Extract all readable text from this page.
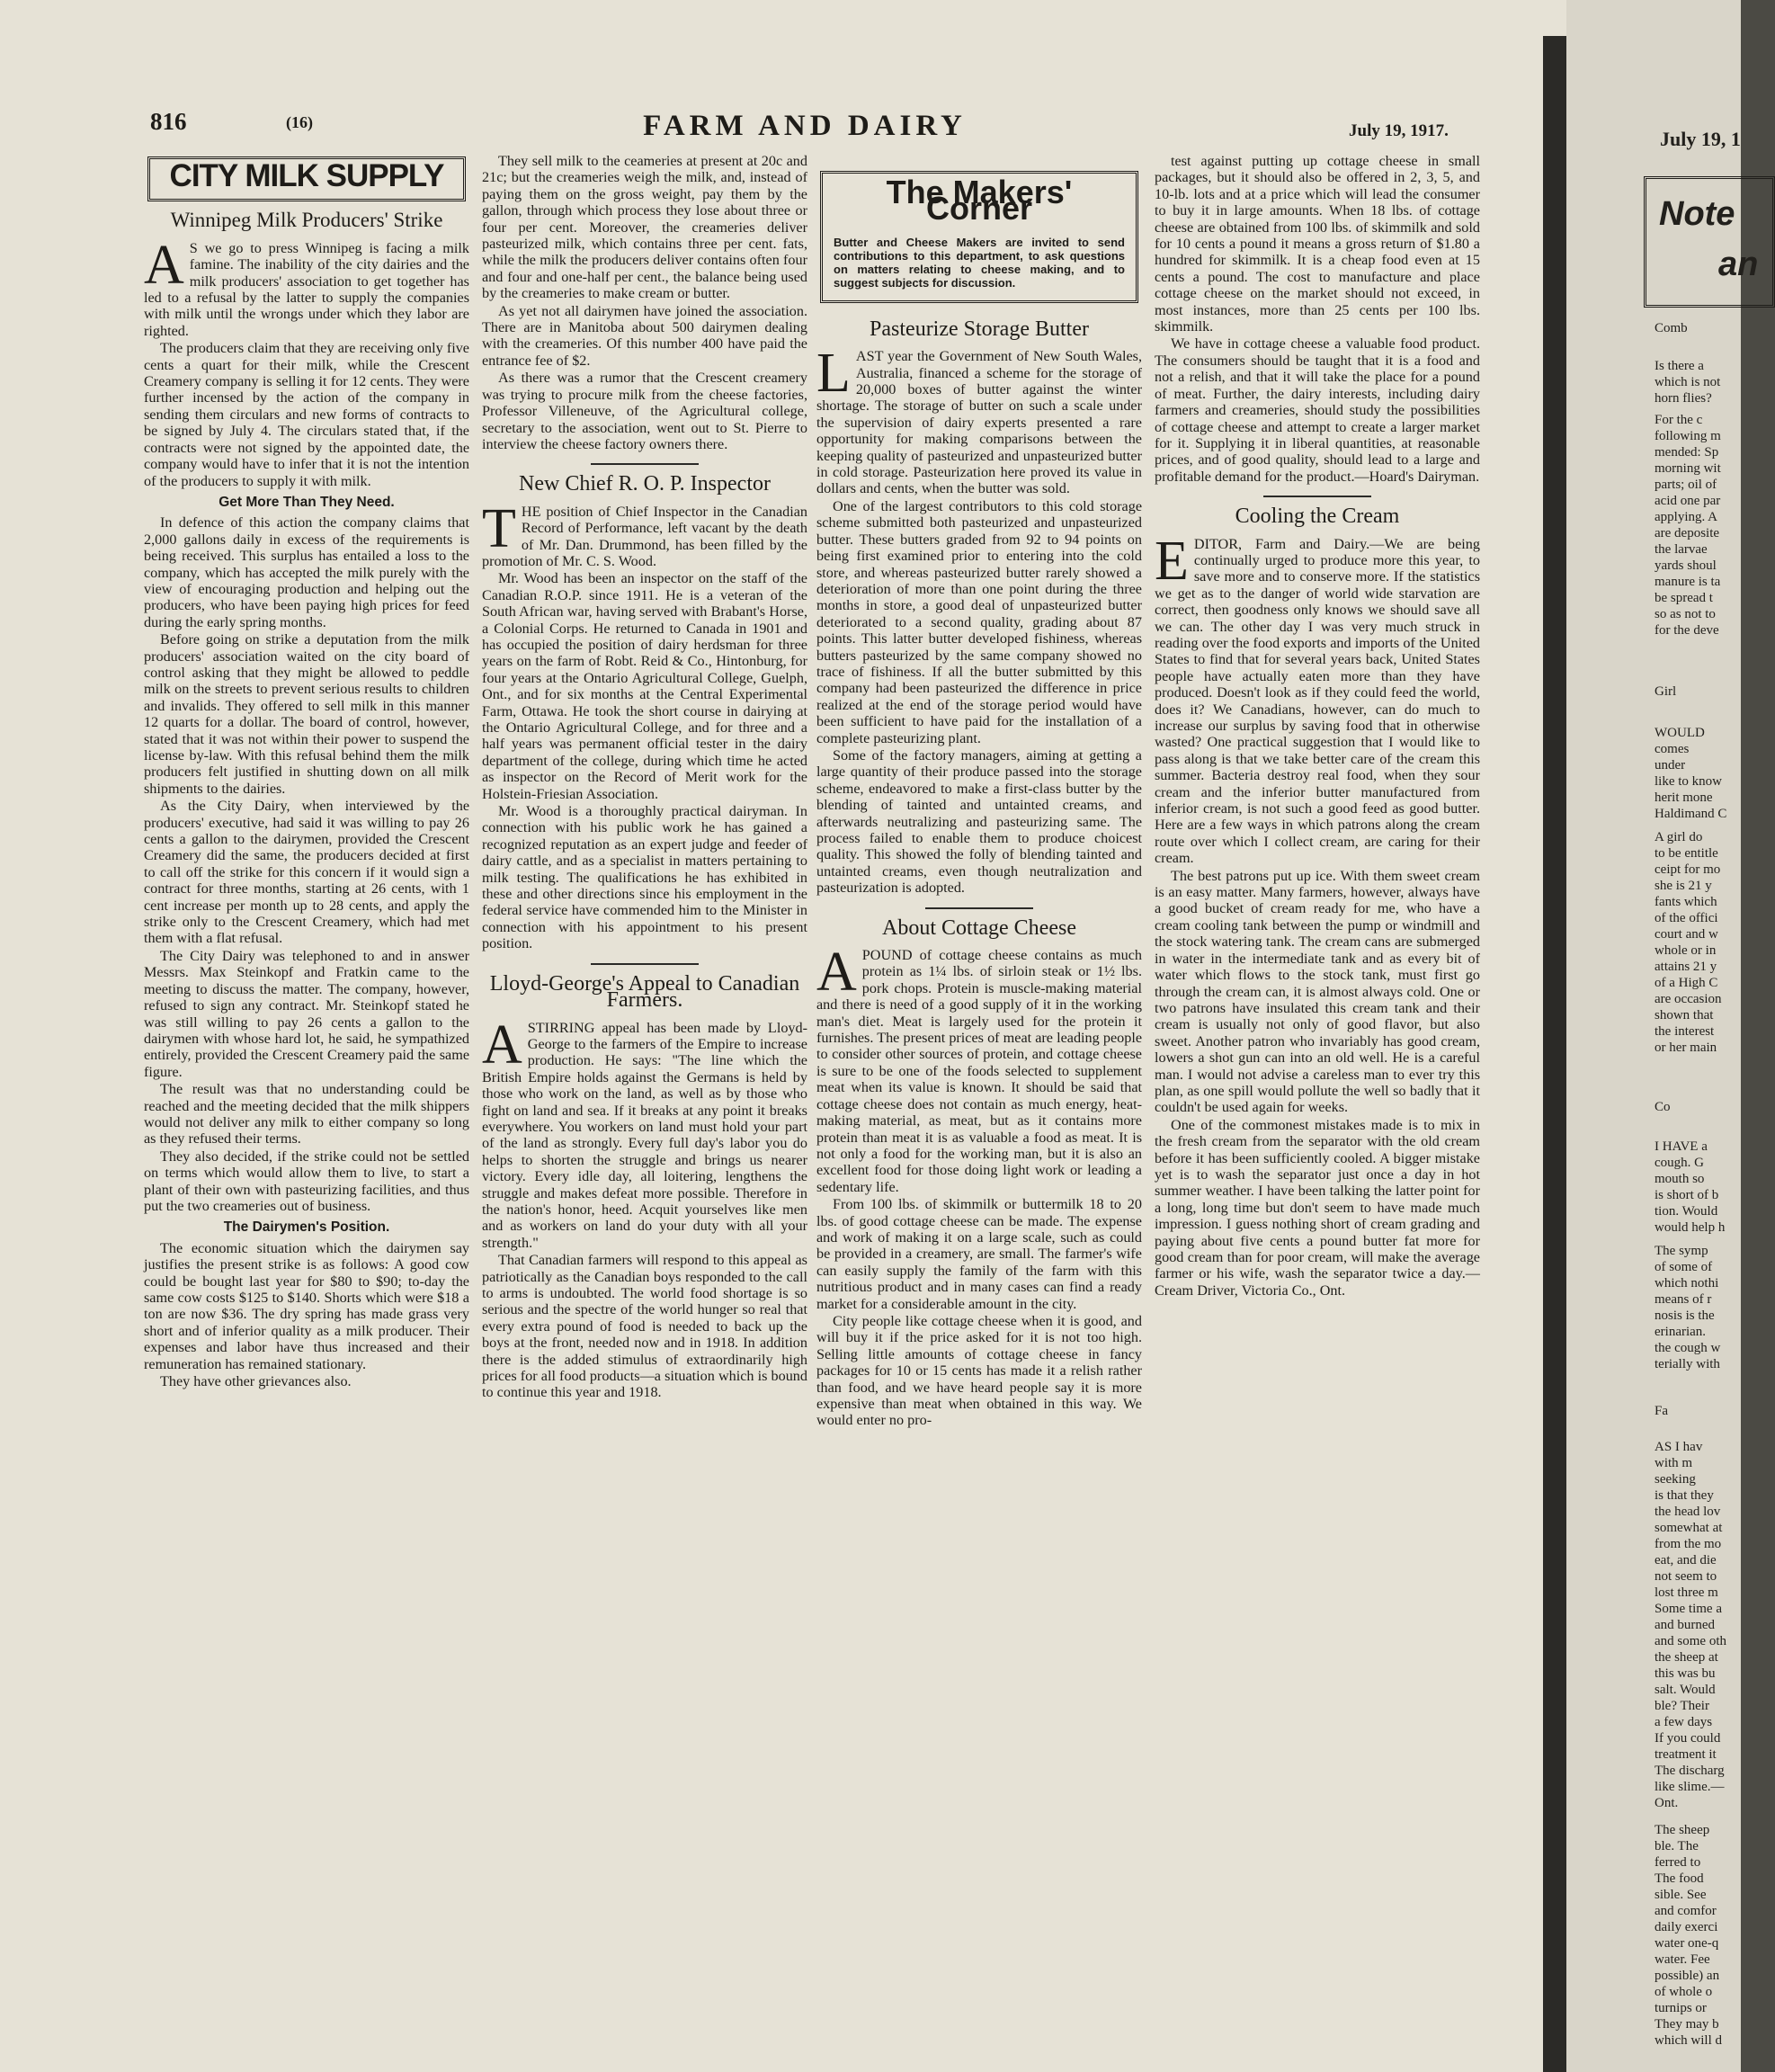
816	(16)	FARM AND DAIRY	July 19, 1917.
CITY MILK SUPPLY
Winnipeg Milk Producers' Strike
A S we go to press Winnipeg is facing a milk famine. The inability of the city dairies and the milk producers' association to get together has led to a refusal by the latter to supply the companies with milk until the wrongs under which they labor are righted.

The producers claim that they are receiving only five cents a quart for their milk, while the Crescent Creamery company is selling it for 12 cents. They were further incensed by the action of the company in sending them circulars and new forms of contracts to be signed by July 4. The circulars stated that, if the contracts were not signed by the appointed date, the company would have to infer that it is not the intention of the producers to supply it with milk.

Get More Than They Need.

In defence of this action the company claims that 2,000 gallons daily in excess of the requirements is being received. This surplus has entailed a loss to the company, which has accepted the milk purely with the view of encouraging production and helping out the producers, who have been paying high prices for feed during the early spring months.

Before going on strike a deputation from the milk producers' association waited on the city board of control asking that they might be allowed to peddle milk on the streets to prevent serious results to children and invalids. They offered to sell milk in this manner 12 quarts for a dollar. The board of control, however, stated that it was not within their power to suspend the license by-law. With this refusal behind them the milk producers felt justified in shutting down on all milk shipments to the dairies.

As the City Dairy, when interviewed by the producers' executive, had said it was willing to pay 26 cents a gallon to the dairymen, provided the Crescent Creamery did the same, the producers decided at first to call off the strike for this concern if it would sign a contract for three months, starting at 26 cents, with 1 cent increase per month up to 28 cents, and apply the strike only to the Crescent Creamery, which had met them with a flat refusal.

The City Dairy was telephoned to and in answer Messrs. Max Steinkopf and Fratkin came to the meeting to discuss the matter. The company, however, refused to sign any contract. Mr. Steinkopf stated he was still willing to pay 26 cents a gallon to the dairymen with whose hard lot, he said, he sympathized entirely, provided the Crescent Creamery paid the same figure.

The result was that no understanding could be reached and the meeting decided that the milk shippers would not deliver any milk to either company so long as they refused their terms.

They also decided, if the strike could not be settled on terms which would allow them to live, to start a plant of their own with pasteurizing facilities, and thus put the two creameries out of business.

The Dairymen's Position.

The economic situation which the dairymen say justifies the present strike is as follows: A good cow could be bought last year for $80 to $90; to-day the same cow costs $125 to $140. Shorts which were $18 a ton are now $36. The dry spring has made grass very short and of inferior quality as a milk producer. Their expenses and labor have thus increased and their remuneration has remained stationary.

They have other grievances also.

They sell milk to the ceameries at present at 20c and 21c; but the creameries weigh the milk, and, instead of paying them on the gross weight, pay them by the gallon, through which process they lose about three or four per cent. Moreover, the creameries deliver pasteurized milk, which contains three per cent. fats, while the milk the producers deliver contains often four and four and one-half per cent., the balance being used by the creameries to make cream or butter.

As yet not all dairymen have joined the association. There are in Manitoba about 500 dairymen dealing with the creameries. Of this number 400 have paid the entrance fee of $2.

As there was a rumor that the Crescent creamery was trying to procure milk from the cheese factories, Professor Villeneuve, of the Agricultural college, secretary to the association, went out to St. Pierre to interview the cheese factory owners there.

New Chief R. O. P. Inspector
T HE position of Chief Inspector in the Canadian Record of Performance, left vacant by the death of Mr. Dan. Drummond, has been filled by the promotion of Mr. C. S. Wood.

Mr. Wood has been an inspector on the staff of the Canadian R.O.P. since 1911. He is a veteran of the South African war, having served with Brabant's Horse, a Colonial Corps. He returned to Canada in 1901 and has occupied the position of dairy herdsman for three years on the farm of Robt. Reid & Co., Hintonburg, for four years at the Ontario Agricultural College, Guelph, Ont., and for six months at the Central Experimental Farm, Ottawa. He took the short course in dairying at the Ontario Agricultural College, and for three and a half years was permanent official tester in the dairy department of the college, during which time he acted as inspector on the Record of Merit work for the Holstein-Friesian Association.

Mr. Wood is a thoroughly practical dairyman. In connection with his public work he has gained a recognized reputation as an expert judge and feeder of dairy cattle, and as a specialist in matters pertaining to milk testing. The qualifications he has exhibited in these and other directions since his employment in the federal service have commended him to the Minister in connection with his appointment to his present position.

Lloyd-George's Appeal to Canadian Farmers.
A STIRRING appeal has been made by Lloyd-George to the farmers of the Empire to increase production. He says: "The line which the British Empire holds against the Germans is held by those who work on the land, as well as by those who fight on land and sea. If it breaks at any point it breaks everywhere. You workers on land must hold your part of the land as strongly. Every full day's labor you do helps to shorten the struggle and brings us nearer victory. Every idle day, all loitering, lengthens the struggle and makes defeat more possible. Therefore in the nation's honor, heed. Acquit yourselves like men and as workers on land do your duty with all your strength."

That Canadian farmers will respond to this appeal as patriotically as the Canadian boys responded to the call to arms is undoubted. The world food shortage is so serious and the spectre of the world hunger so real that every extra pound of food is needed to back up the boys at the front, needed now and in 1918. In addition there is the added stimulus of extraordinarily high prices for all food products—a situation which is bound to continue this year and 1918.

The Makers' Corner
Butter and Cheese Makers are invited to send contributions to this department, to ask questions on matters relating to cheese making, and to suggest subjects for discussion.
Pasteurize Storage Butter
L AST year the Government of New South Wales, Australia, financed a scheme for the storage of 20,000 boxes of butter against the winter shortage. The storage of butter on such a scale under the supervision of dairy experts presented a rare opportunity for making comparisons between the keeping quality of pasteurized and unpasteurized butter in cold storage. Pasteurization here proved its value in dollars and cents, when the butter was sold.

One of the largest contributors to this cold storage scheme submitted both pasteurized and unpasteurized butter. These butters graded from 92 to 94 points on being first examined prior to entering into the cold store, and whereas pasteurized butter rarely showed a deterioration of more than one point during the three months in store, a good deal of unpasteurized butter deteriorated to a second quality, grading about 87 points. This latter butter developed fishiness, whereas butters pasteurized by the same company showed no trace of fishiness. If all the butter submitted by this company had been pasteurized the difference in price realized at the end of the storage period would have been sufficient to have paid for the installation of a complete pasteurizing plant.

Some of the factory managers, aiming at getting a large quantity of their produce passed into the storage scheme, endeavored to make a first-class butter by the blending of tainted and untainted creams, and afterwards neutralizing and pasteurizing same. The process failed to enable them to produce choicest quality. This showed the folly of blending tainted and untainted creams, even though neutralization and pasteurization is adopted.

About Cottage Cheese
A POUND of cottage cheese contains as much protein as 1¼ lbs. of sirloin steak or 1½ lbs. pork chops. Protein is muscle-making material and there is need of a good supply of it in the working man's diet. Meat is largely used for the protein it furnishes. The present prices of meat are leading people to consider other sources of protein, and cottage cheese is sure to be one of the foods selected to supplement meat when its value is known. It should be said that cottage cheese does not contain as much energy, heat-making material, as meat, but as it contains more protein than meat it is as valuable a food as meat. It is not only a food for the working man, but it is also an excellent food for those doing light work or leading a sedentary life.

From 100 lbs. of skimmilk or buttermilk 18 to 20 lbs. of good cottage cheese can be made. The expense and work of making it on a large scale, such as could be provided in a creamery, are small. The farmer's wife can easily supply the family of the farm with this nutritious product and in many cases can find a ready market for a considerable amount in the city.

City people like cottage cheese when it is good, and will buy it if the price asked for it is not too high. Selling little amounts of cottage cheese in fancy packages for 10 or 15 cents has made it a relish rather than food, and we have heard people say it is more expensive than meat when obtained in this way. We would enter no pro-

test against putting up cottage cheese in small packages, but it should also be offered in 2, 3, 5, and 10-lb. lots and at a price which will lead the consumer to buy it in large amounts. When 18 lbs. of cottage cheese are obtained from 100 lbs. of skimmilk and sold for 10 cents a pound it means a gross return of $1.80 a hundred for skimmilk. It is a cheap food even at 15 cents a pound. The cost to manufacture and place cottage cheese on the market should not exceed, in most instances, more than 25 cents per 100 lbs. skimmilk.

We have in cottage cheese a valuable food product. The consumers should be taught that it is a food and not a relish, and that it will take the place for a pound of meat. Further, the dairy interests, including dairy farmers and creameries, should study the possibilities of cottage cheese and attempt to create a larger market for it. Supplying it in liberal quantities, at reasonable prices, and of good quality, should lead to a large and profitable demand for the product.—Hoard's Dairyman.

Cooling the Cream
E DITOR, Farm and Dairy.—We are being continually urged to produce more this year, to save more and to conserve more. If the statistics we get as to the danger of world wide starvation are correct, then goodness only knows we should save all we can. The other day I was very much struck in reading over the food exports and imports of the United States to find that for several years back, United States people have actually eaten more than they have produced. Doesn't look as if they could feed the world, does it? We Canadians, however, can do much to increase our surplus by saving food that in otherwise wasted? One practical suggestion that I would like to pass along is that we take better care of the cream this summer. Bacteria destroy real food, when they sour cream and the inferior butter manufactured from inferior cream, is not such a good feed as good butter. Here are a few ways in which patrons along the cream route over which I collect cream, are caring for their cream.

The best patrons put up ice. With them sweet cream is an easy matter. Many farmers, however, always have a good bucket of cream ready for me, who have a cream cooling tank between the pump or windmill and the stock watering tank. The cream cans are submerged in water in the intermediate tank and as every bit of water which flows to the stock tank, must first go through the cream can, it is almost always cold. One or two patrons have insulated this cream tank and their cream is usually not only of good flavor, but also sweet. Another patron who invariably has good cream, lowers a shot gun can into an old well. He is a careful man. I would not advise a careless man to ever try this plan, as one spill would pollute the well so badly that it couldn't be used again for weeks.

One of the commonest mistakes made is to mix in the fresh cream from the separator with the old cream before it has been sufficiently cooled. A bigger mistake yet is to wash the separator just once a day in hot summer weather. I have been talking the latter point for a long, long time but don't seem to have made much impression. I guess nothing short of cream grading and paying about five cents a pound butter fat more for good cream than for poor cream, will make the average farmer or his wife, wash the separator twice a day.—Cream Driver, Victoria Co., Ont.

July 19, 1
Note
an
Comb
Is there a
which is not
horn flies?
For the c
following m
mended: Sp
morning wit
parts; oil of
acid one par
applying. A
are deposite
the larvae
yards shoul
manure is ta
be spread t
so as not to
for the deve
Girl
WOULD
comes
under
like to know
herit mone
Haldimand C
A girl do
to be entitle
ceipt for mo
she is 21 y
fants which
of the offici
court and w
whole or in
attains 21 y
of a High C
are occasion
shown that
the interest
or her main
Co
I HAVE a
cough. G
mouth so
is short of b
tion. Would
would help h
The symp
of some of
which nothi
means of r
nosis is the
erinarian.
the cough w
terially with
Fa
AS I hav
with m
seeking
is that they
the head lov
somewhat at
from the mo
eat, and die
not seem to
lost three m
Some time a
and burned
and some oth
the sheep at
this was bu
salt. Would
ble? Their
a few days
If you could
treatment it
The discharg
like slime.—
Ont.
The sheep
ble. The
ferred to
The food
sible. See
and comfor
daily exerci
water one-q
water. Fee
possible) an
of whole o
turnips or
They may b
which will d
